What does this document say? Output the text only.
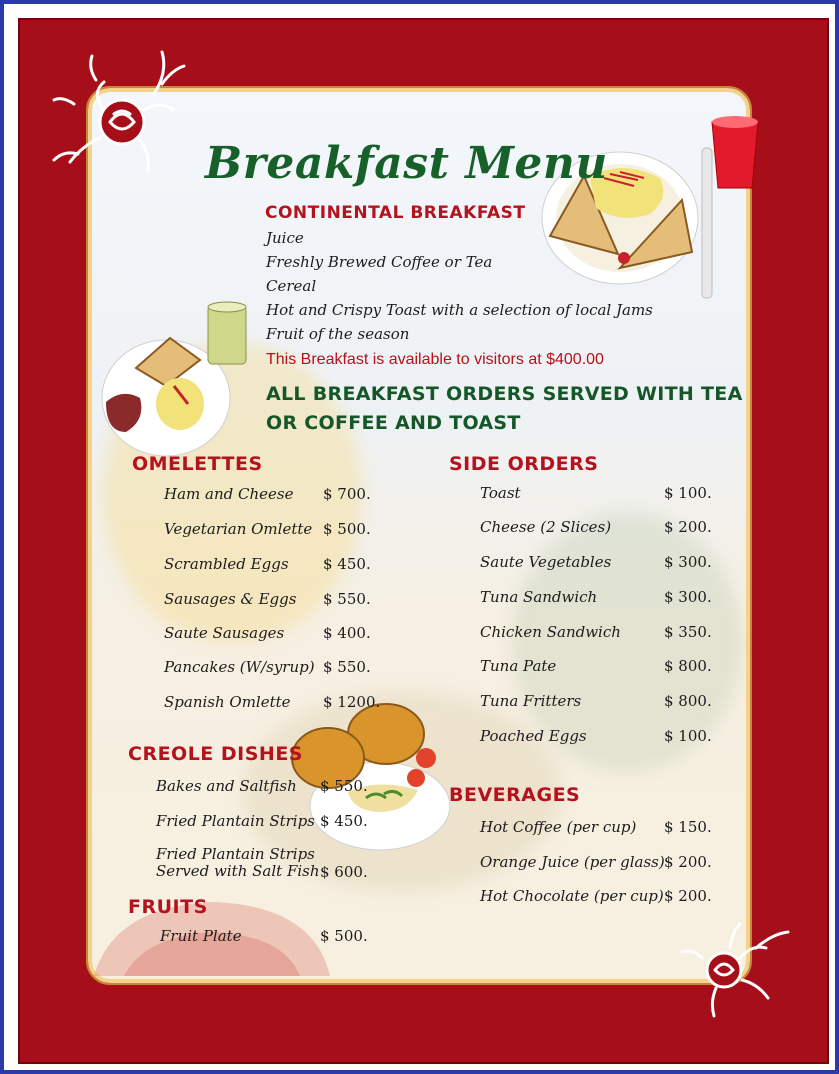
Breakfast Menu
CONTINENTAL BREAKFAST
Juice
Freshly Brewed Coffee or Tea
Cereal
Hot and Crispy Toast with a selection of local Jams
Fruit of the season
This Breakfast is available to visitors at $400.00
ALL BREAKFAST ORDERS SERVED WITH TEA
OR COFFEE AND TOAST
OMELETTES
Ham and Cheese $ 700.
Vegetarian Omlette $ 500.
Scrambled Eggs $ 450.
Sausages & Eggs $ 550.
Saute Sausages	$ 400.
Pancakes (W/syrup) $ 550.
Spanish Omlette $ 1200.
CREOLE DISHES
Bakes and Saltfish $ 550.
Fried Plantain Strips $ 450.
Fried Plantain Strips
Served with Salt Fish $ 600.
FRUITS
Fruit Plate	$ 500.
SIDE ORDERS
Toast	$ 100.
Cheese (2 Slices)	$ 200.
Saute Vegetables	$ 300.
Tuna Sandwich	$ 300.
Chicken Sandwich	$ 350.
Tuna Pate	$ 800.
Tuna Fritters	$ 800.
Poached Eggs	$ 100.
BEVERAGES
Hot Coffee (per cup) $ 150.
Orange Juice (per glass) $ 200.
Hot Chocolate (per cup) $ 200.
